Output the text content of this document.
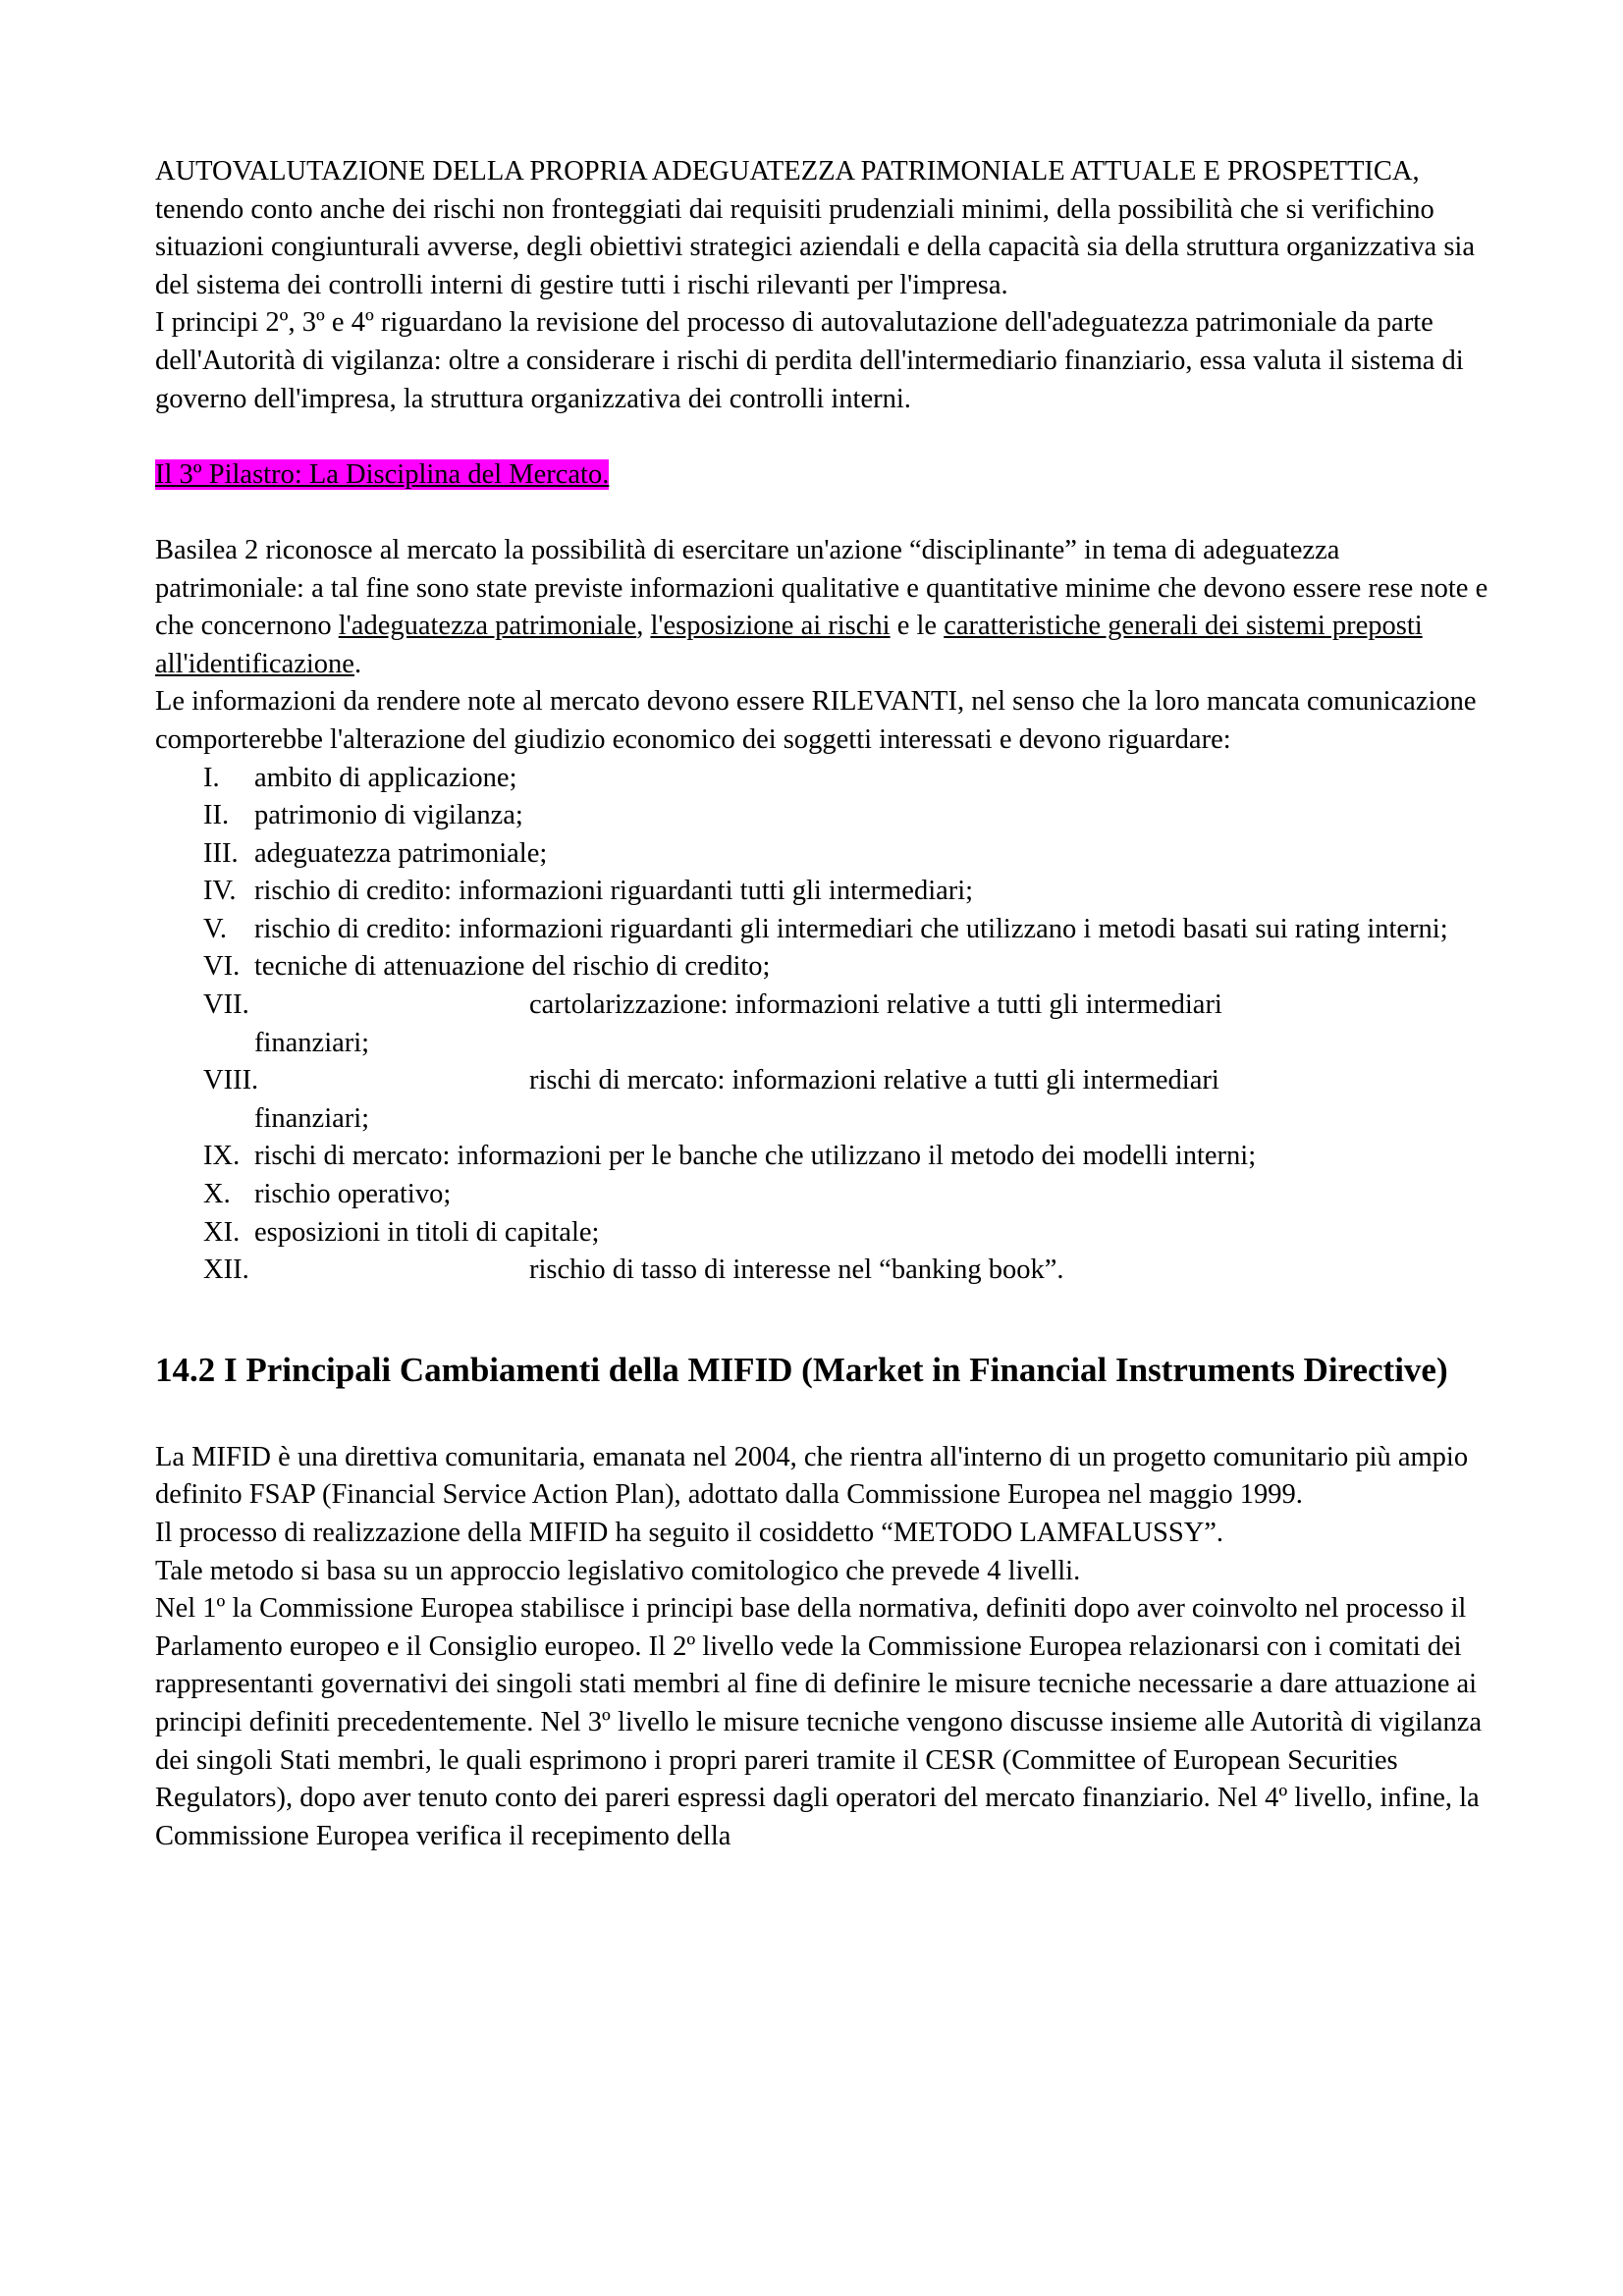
AUTOVALUTAZIONE DELLA PROPRIA ADEGUATEZZA PATRIMONIALE ATTUALE E PROSPETTICA, tenendo conto anche dei rischi non fronteggiati dai requisiti prudenziali minimi, della possibilità che si verifichino situazioni congiunturali avverse, degli obiettivi strategici aziendali e della capacità sia della struttura organizzativa sia del sistema dei controlli interni di gestire tutti i rischi rilevanti per l'impresa.

I principi 2º, 3º e 4º riguardano la revisione del processo di autovalutazione dell'adeguatezza patrimoniale da parte dell'Autorità di vigilanza: oltre a considerare i rischi di perdita dell'intermediario finanziario, essa valuta il sistema di governo dell'impresa, la struttura organizzativa dei controlli interni.

Il 3º Pilastro: La Disciplina del Mercato.

Basilea 2 riconosce al mercato la possibilità di esercitare un'azione “disciplinante” in tema di adeguatezza patrimoniale: a tal fine sono state previste informazioni qualitative e quantitative minime che devono essere rese note e che concernono l'adeguatezza patrimoniale, l'esposizione ai rischi e le caratteristiche generali dei sistemi preposti all'identificazione.

Le informazioni da rendere note al mercato devono essere RILEVANTI, nel senso che la loro mancata comunicazione comporterebbe l'alterazione del giudizio economico dei soggetti interessati e devono riguardare:

I. ambito di applicazione;
II. patrimonio di vigilanza;
III. adeguatezza patrimoniale;
IV. rischio di credito: informazioni riguardanti tutti gli intermediari;
V. rischio di credito: informazioni riguardanti gli intermediari che utilizzano i metodi basati sui rating interni;
VI. tecniche di attenuazione del rischio di credito;
VII.	cartolarizzazione: informazioni relative a tutti gli intermediari
finanziari;
VIII.	rischi di mercato: informazioni relative a tutti gli intermediari
finanziari;
IX. rischi di mercato: informazioni per le banche che utilizzano il metodo dei modelli interni;
X. rischio operativo;
XI. esposizioni in titoli di capitale;
XII.	rischio di tasso di interesse nel “banking book”.
14.2 I Principali Cambiamenti della MIFID (Market in Financial Instruments Directive)

La MIFID è una direttiva comunitaria, emanata nel 2004, che rientra all'interno di un progetto comunitario più ampio definito FSAP (Financial Service Action Plan), adottato dalla Commissione Europea nel maggio 1999.

Il processo di realizzazione della MIFID ha seguito il cosiddetto “METODO LAMFALUSSY”.

Tale metodo si basa su un approccio legislativo comitologico che prevede 4 livelli.

Nel 1º la Commissione Europea stabilisce i principi base della normativa, definiti dopo aver coinvolto nel processo il Parlamento europeo e il Consiglio europeo. Il 2º livello vede la Commissione Europea relazionarsi con i comitati dei rappresentanti governativi dei singoli stati membri al fine di definire le misure tecniche necessarie a dare attuazione ai principi definiti precedentemente. Nel 3º livello le misure tecniche vengono discusse insieme alle Autorità di vigilanza dei singoli Stati membri, le quali esprimono i propri pareri tramite il CESR (Committee of European Securities Regulators), dopo aver tenuto conto dei pareri espressi dagli operatori del mercato finanziario. Nel 4º livello, infine, la Commissione Europea verifica il recepimento della
